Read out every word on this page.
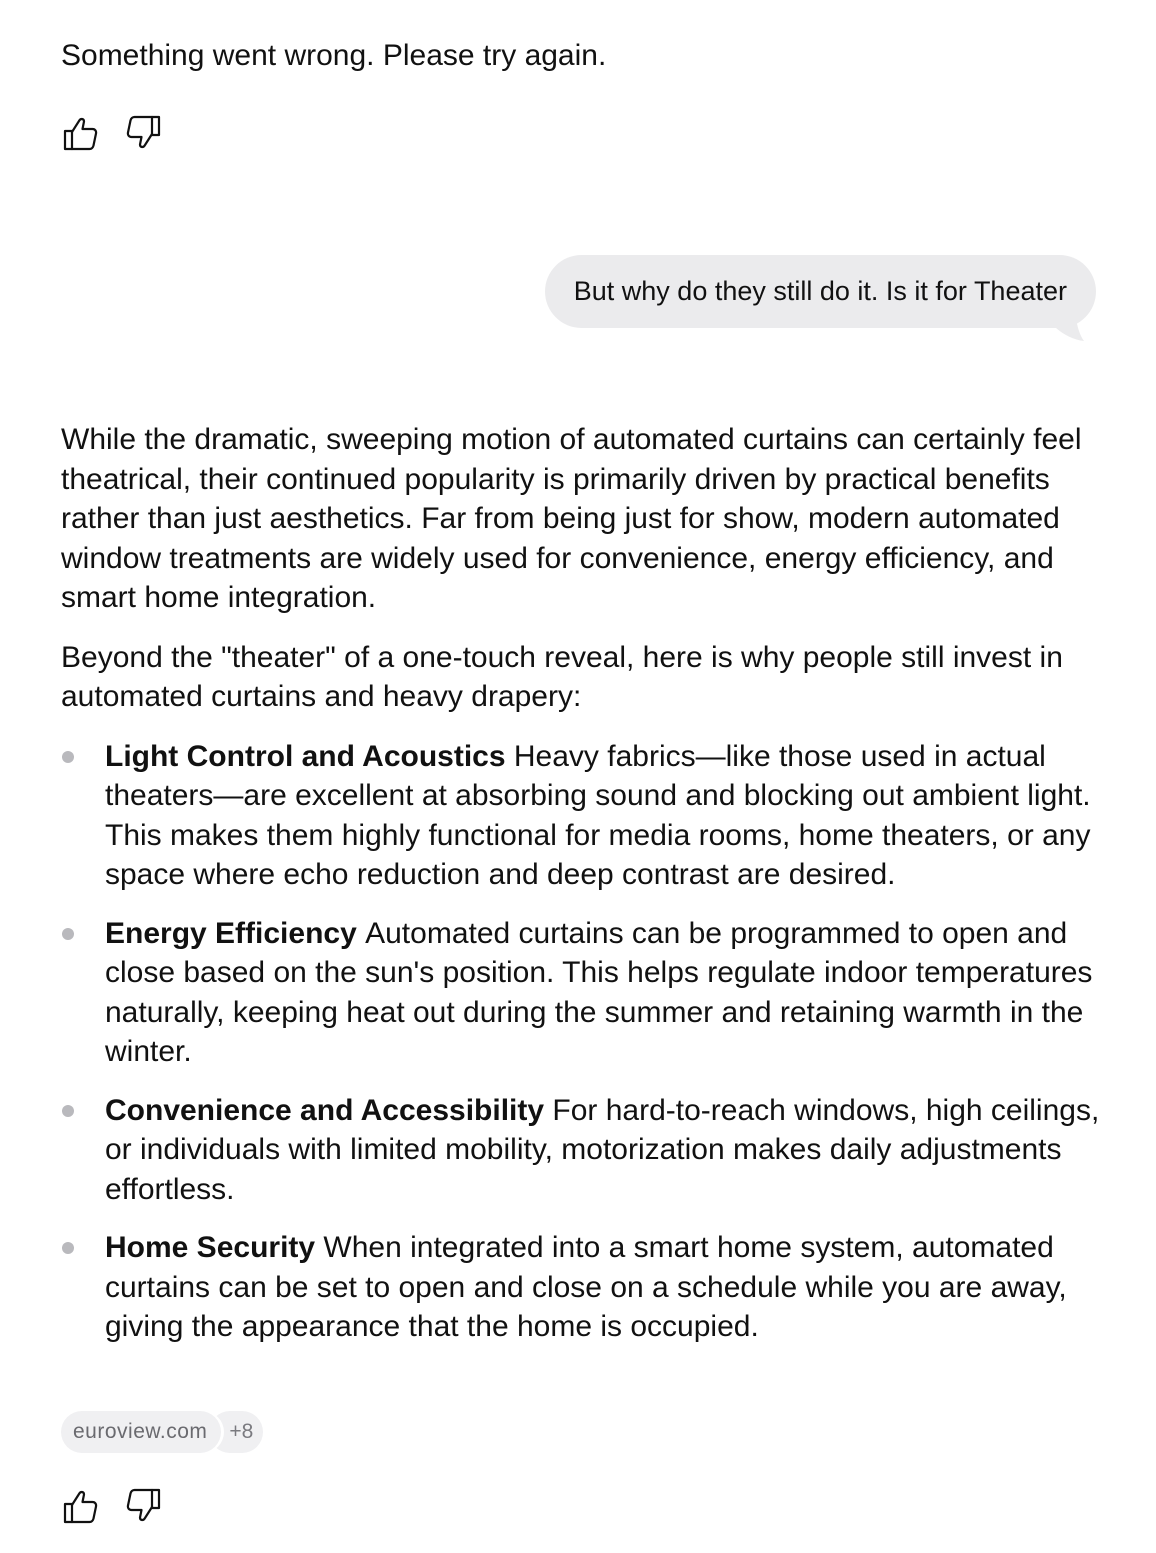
Something went wrong. Please try again.

But why do they still do it. Is it for Theater

While the dramatic, sweeping motion of automated curtains can certainly feel theatrical, their continued popularity is primarily driven by practical benefits rather than just aesthetics. Far from being just for show, modern automated window treatments are widely used for convenience, energy efficiency, and smart home integration.

Beyond the "theater" of a one-touch reveal, here is why people still invest in automated curtains and heavy drapery:

Light Control and Acoustics Heavy fabrics—like those used in actual theaters—are excellent at absorbing sound and blocking out ambient light. This makes them highly functional for media rooms, home theaters, or any space where echo reduction and deep contrast are desired.
Energy Efficiency Automated curtains can be programmed to open and close based on the sun's position. This helps regulate indoor temperatures naturally, keeping heat out during the summer and retaining warmth in the winter.
Convenience and Accessibility For hard-to-reach windows, high ceilings, or individuals with limited mobility, motorization makes daily adjustments effortless.
Home Security When integrated into a smart home system, automated curtains can be set to open and close on a schedule while you are away, giving the appearance that the home is occupied.
euroview.com	+8
